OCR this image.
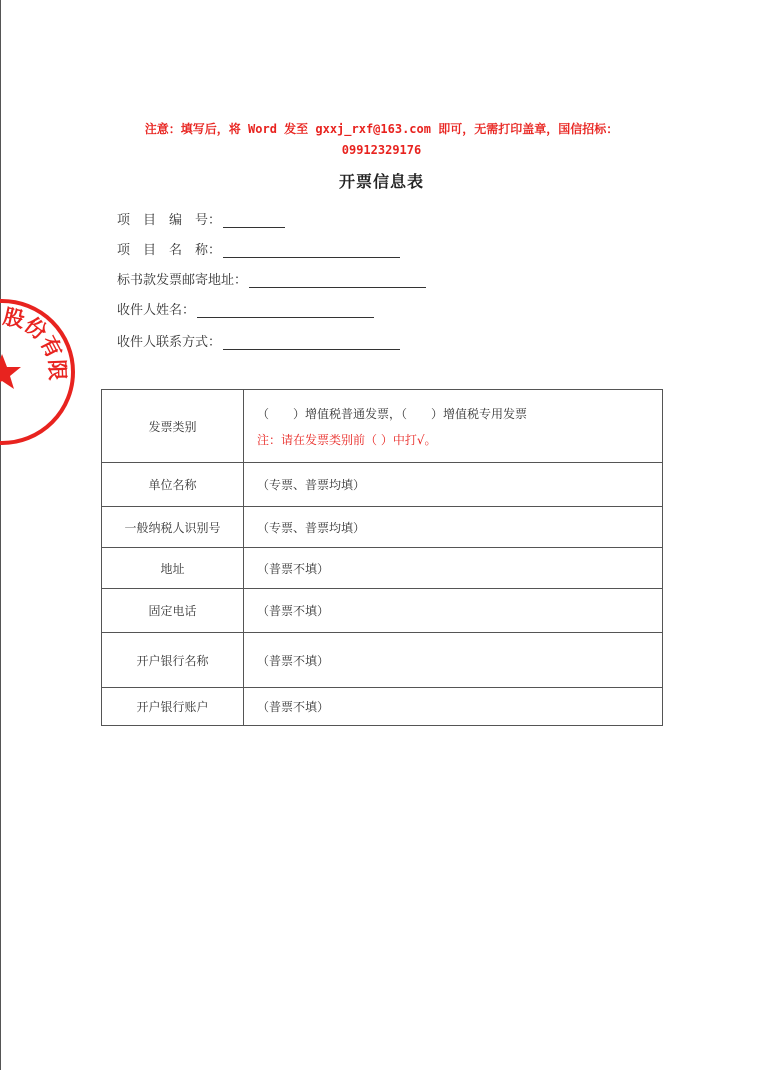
股份有限
注意：填写后，将 Word 发至 gxxj_rxf@163.com 即可，无需打印盖章，国信招标：
09912329176
开票信息表
项　目　编　号：
项　目　名　称：
标书款发票邮寄地址：
收件人姓名：
收件人联系方式：
发票类别	（　　）增值税普通发票，（　　）增值税专用发票
注：请在发票类别前（ ）中打√。

单位名称	（专票、普票均填）
一般纳税人识别号	（专票、普票均填）
地址	（普票不填）
固定电话	（普票不填）
开户银行名称	（普票不填）
开户银行账户	（普票不填）
